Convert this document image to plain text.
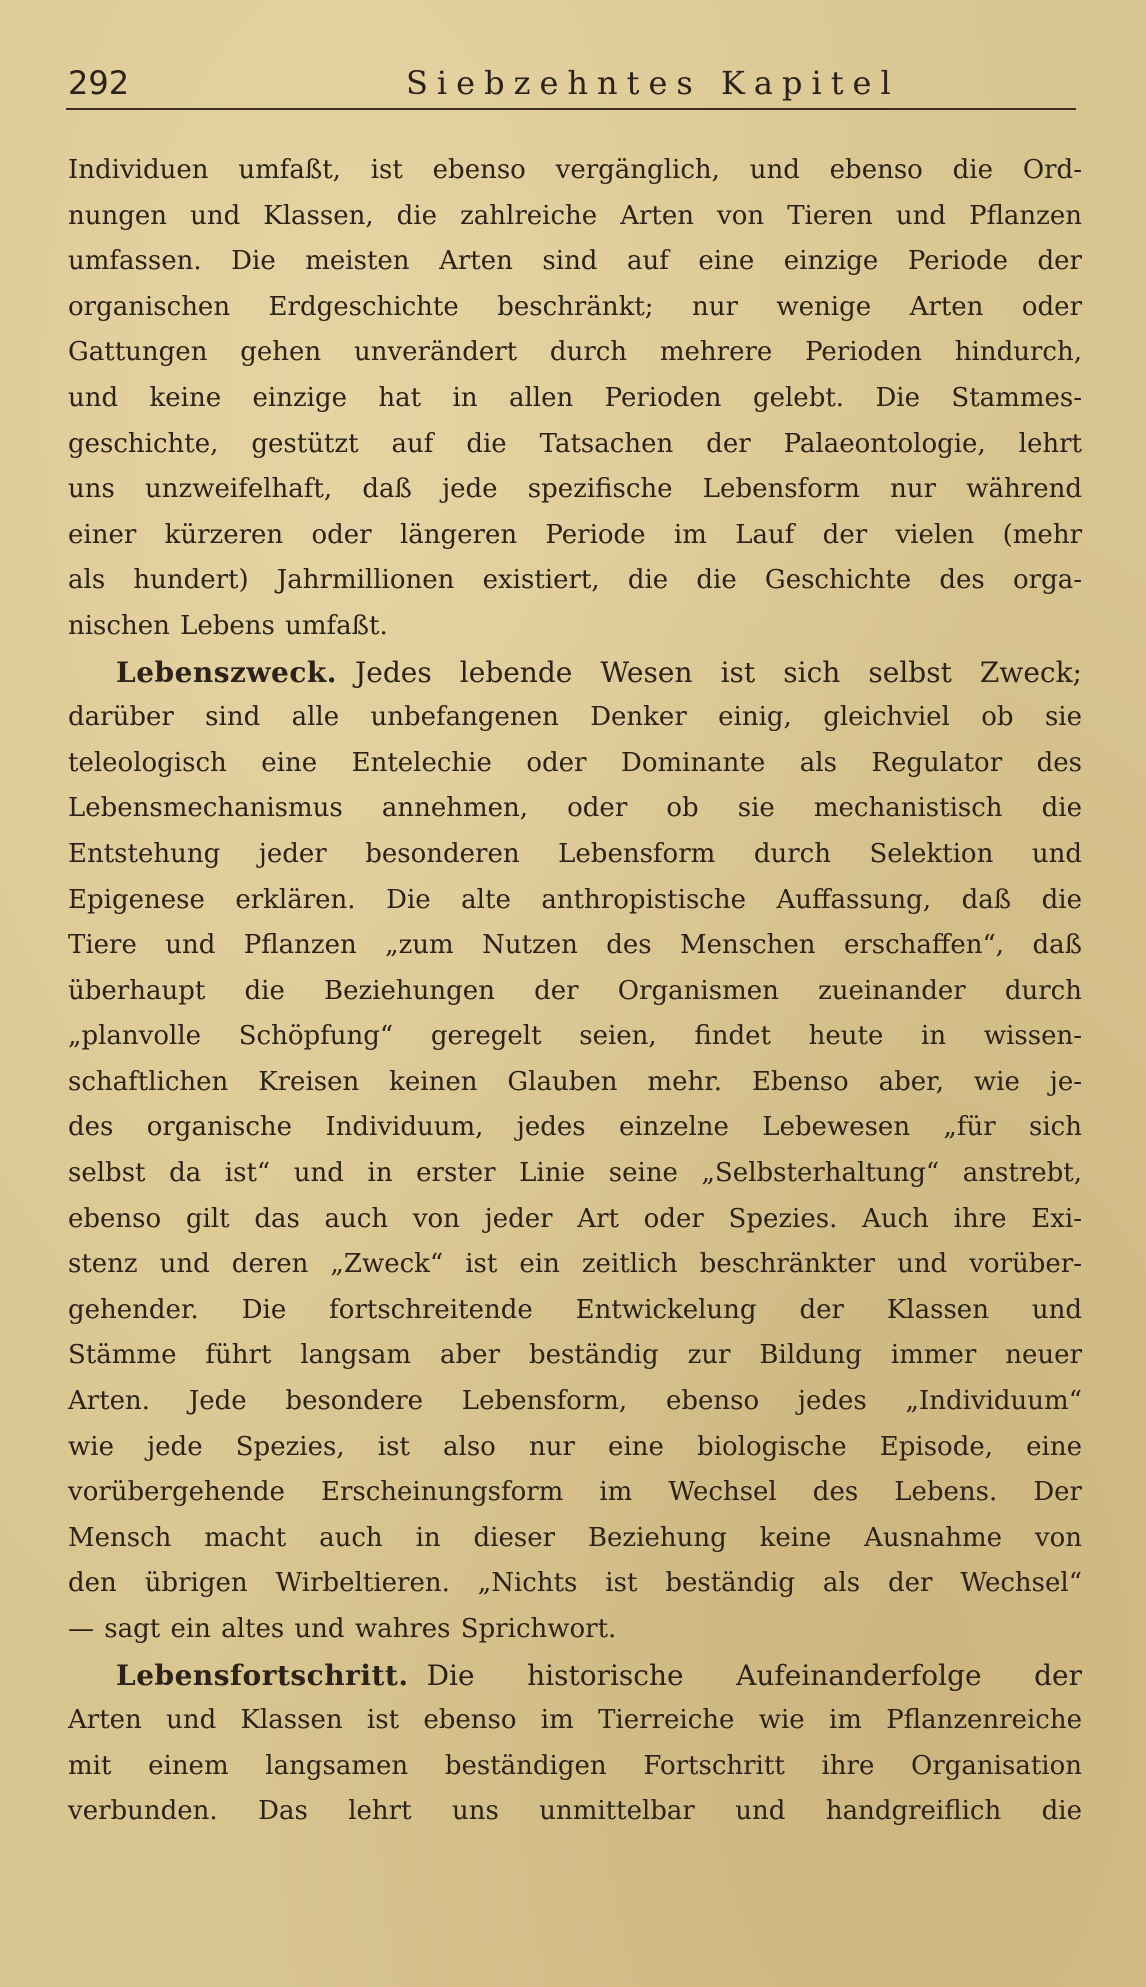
292	Siebzehntes Kapitel
Individuen umfaßt, ist ebenso vergänglich, und ebenso die Ord-
nungen und Klassen, die zahlreiche Arten von Tieren und Pflanzen
umfassen. Die meisten Arten sind auf eine einzige Periode der
organischen Erdgeschichte beschränkt; nur wenige Arten oder
Gattungen gehen unverändert durch mehrere Perioden hindurch,
und keine einzige hat in allen Perioden gelebt. Die Stammes-
geschichte, gestützt auf die Tatsachen der Palaeontologie, lehrt
uns unzweifelhaft, daß jede spezifische Lebensform nur während
einer kürzeren oder längeren Periode im Lauf der vielen (mehr
als hundert) Jahrmillionen existiert, die die Geschichte des orga-
nischen Lebens umfaßt.
Lebenszweck. Jedes lebende Wesen ist sich selbst Zweck;
darüber sind alle unbefangenen Denker einig, gleichviel ob sie
teleologisch eine Entelechie oder Dominante als Regulator des
Lebensmechanismus annehmen, oder ob sie mechanistisch die
Entstehung jeder besonderen Lebensform durch Selektion und
Epigenese erklären. Die alte anthropistische Auffassung, daß die
Tiere und Pflanzen „zum Nutzen des Menschen erschaffen“, daß
überhaupt die Beziehungen der Organismen zueinander durch
„planvolle Schöpfung“ geregelt seien, findet heute in wissen-
schaftlichen Kreisen keinen Glauben mehr. Ebenso aber, wie je-
des organische Individuum, jedes einzelne Lebewesen „für sich
selbst da ist“ und in erster Linie seine „Selbsterhaltung“ anstrebt,
ebenso gilt das auch von jeder Art oder Spezies. Auch ihre Exi-
stenz und deren „Zweck“ ist ein zeitlich beschränkter und vorüber-
gehender. Die fortschreitende Entwickelung der Klassen und
Stämme führt langsam aber beständig zur Bildung immer neuer
Arten. Jede besondere Lebensform, ebenso jedes „Individuum“
wie jede Spezies, ist also nur eine biologische Episode, eine
vorübergehende Erscheinungsform im Wechsel des Lebens. Der
Mensch macht auch in dieser Beziehung keine Ausnahme von
den übrigen Wirbeltieren. „Nichts ist beständig als der Wechsel“
— sagt ein altes und wahres Sprichwort.
Lebensfortschritt. Die historische Aufeinanderfolge der
Arten und Klassen ist ebenso im Tierreiche wie im Pflanzenreiche
mit einem langsamen beständigen Fortschritt ihre Organisation
verbunden. Das lehrt uns unmittelbar und handgreiflich die
